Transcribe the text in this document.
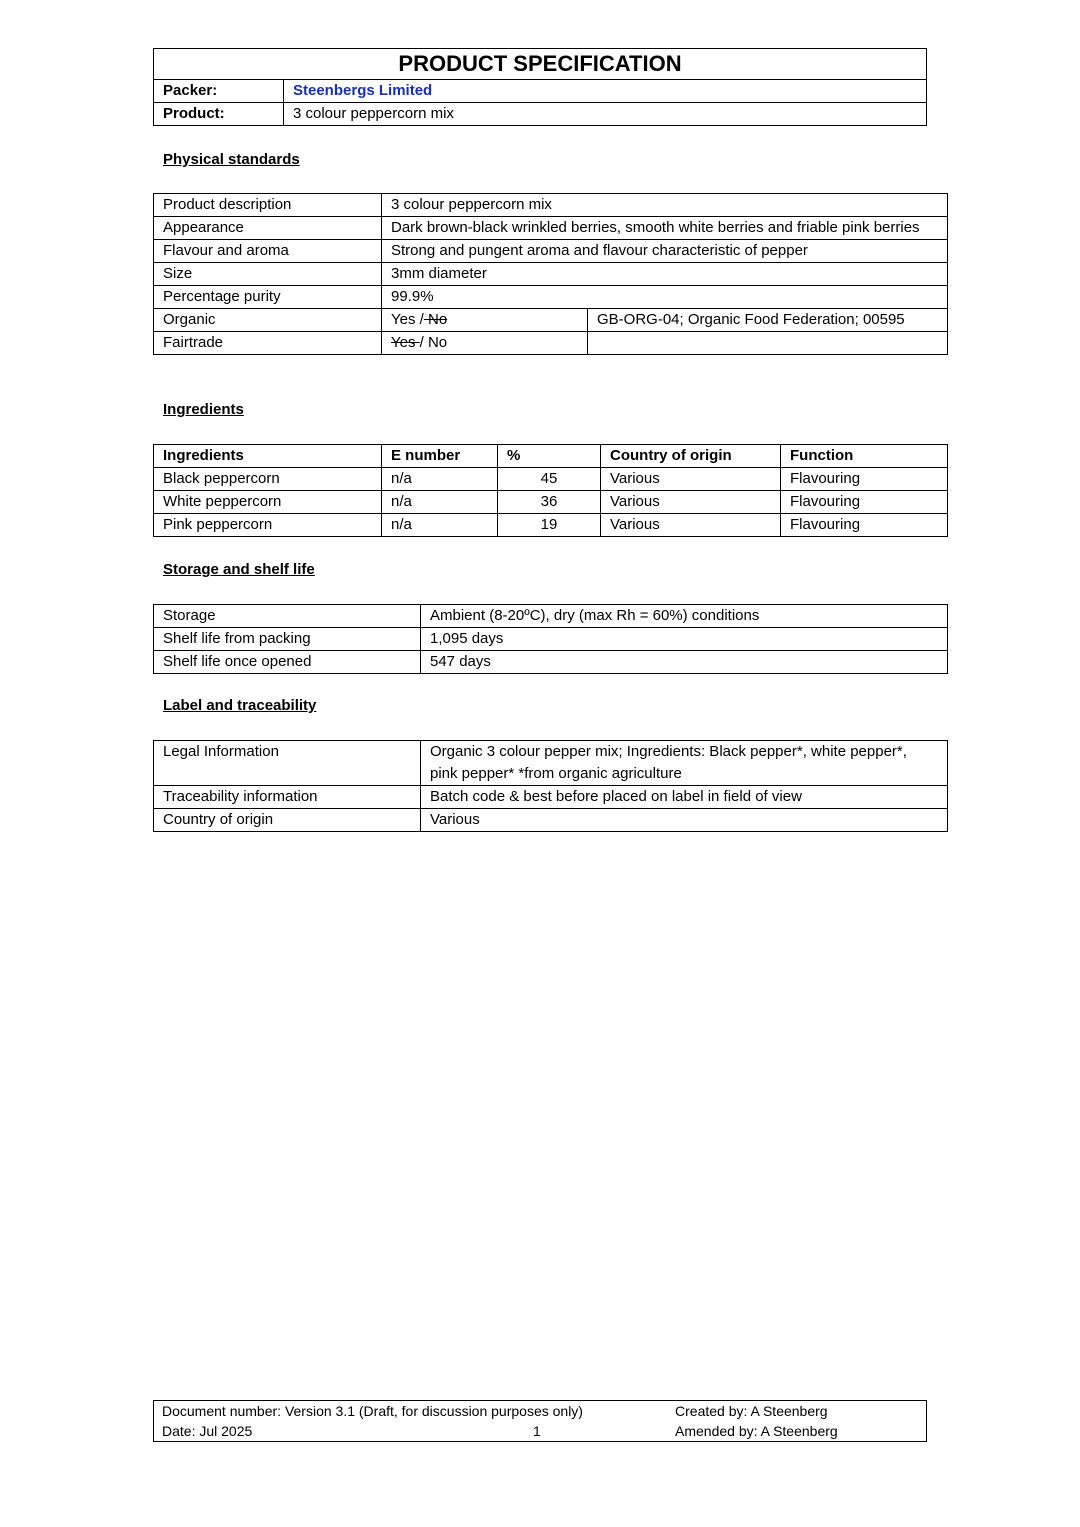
PRODUCT SPECIFICATION	
Packer:	Steenbergs Limited
Product:	3 colour peppercorn mix
Physical standards
Product description	3 colour peppercorn mix	
Appearance	Dark brown-black wrinkled berries, smooth white berries and friable pink berries	
Flavour and aroma	Strong and pungent aroma and flavour characteristic of pepper	
Size	3mm diameter	
Percentage purity	99.9%	
Organic	Yes / No	GB-ORG-04; Organic Food Federation; 00595
Fairtrade	Yes / No	
Ingredients
Ingredients	E number	%	Country of origin	Function
Black peppercorn	n/a	45	Various	Flavouring
White peppercorn	n/a	36	Various	Flavouring
Pink peppercorn	n/a	19	Various	Flavouring
Storage and shelf life
Storage	Ambient (8-20ºC), dry (max Rh = 60%) conditions
Shelf life from packing	1,095 days
Shelf life once opened	547 days
Label and traceability
Legal Information	Organic 3 colour pepper mix; Ingredients: Black pepper*, white pepper*, pink pepper* *from organic agriculture
Traceability information	Batch code & best before placed on label in field of view
Country of origin	Various
Document number: Version 3.1 (Draft, for discussion purposes only)		Created by: A Steenberg
Date: Jul 2025	1	Amended by: A Steenberg
